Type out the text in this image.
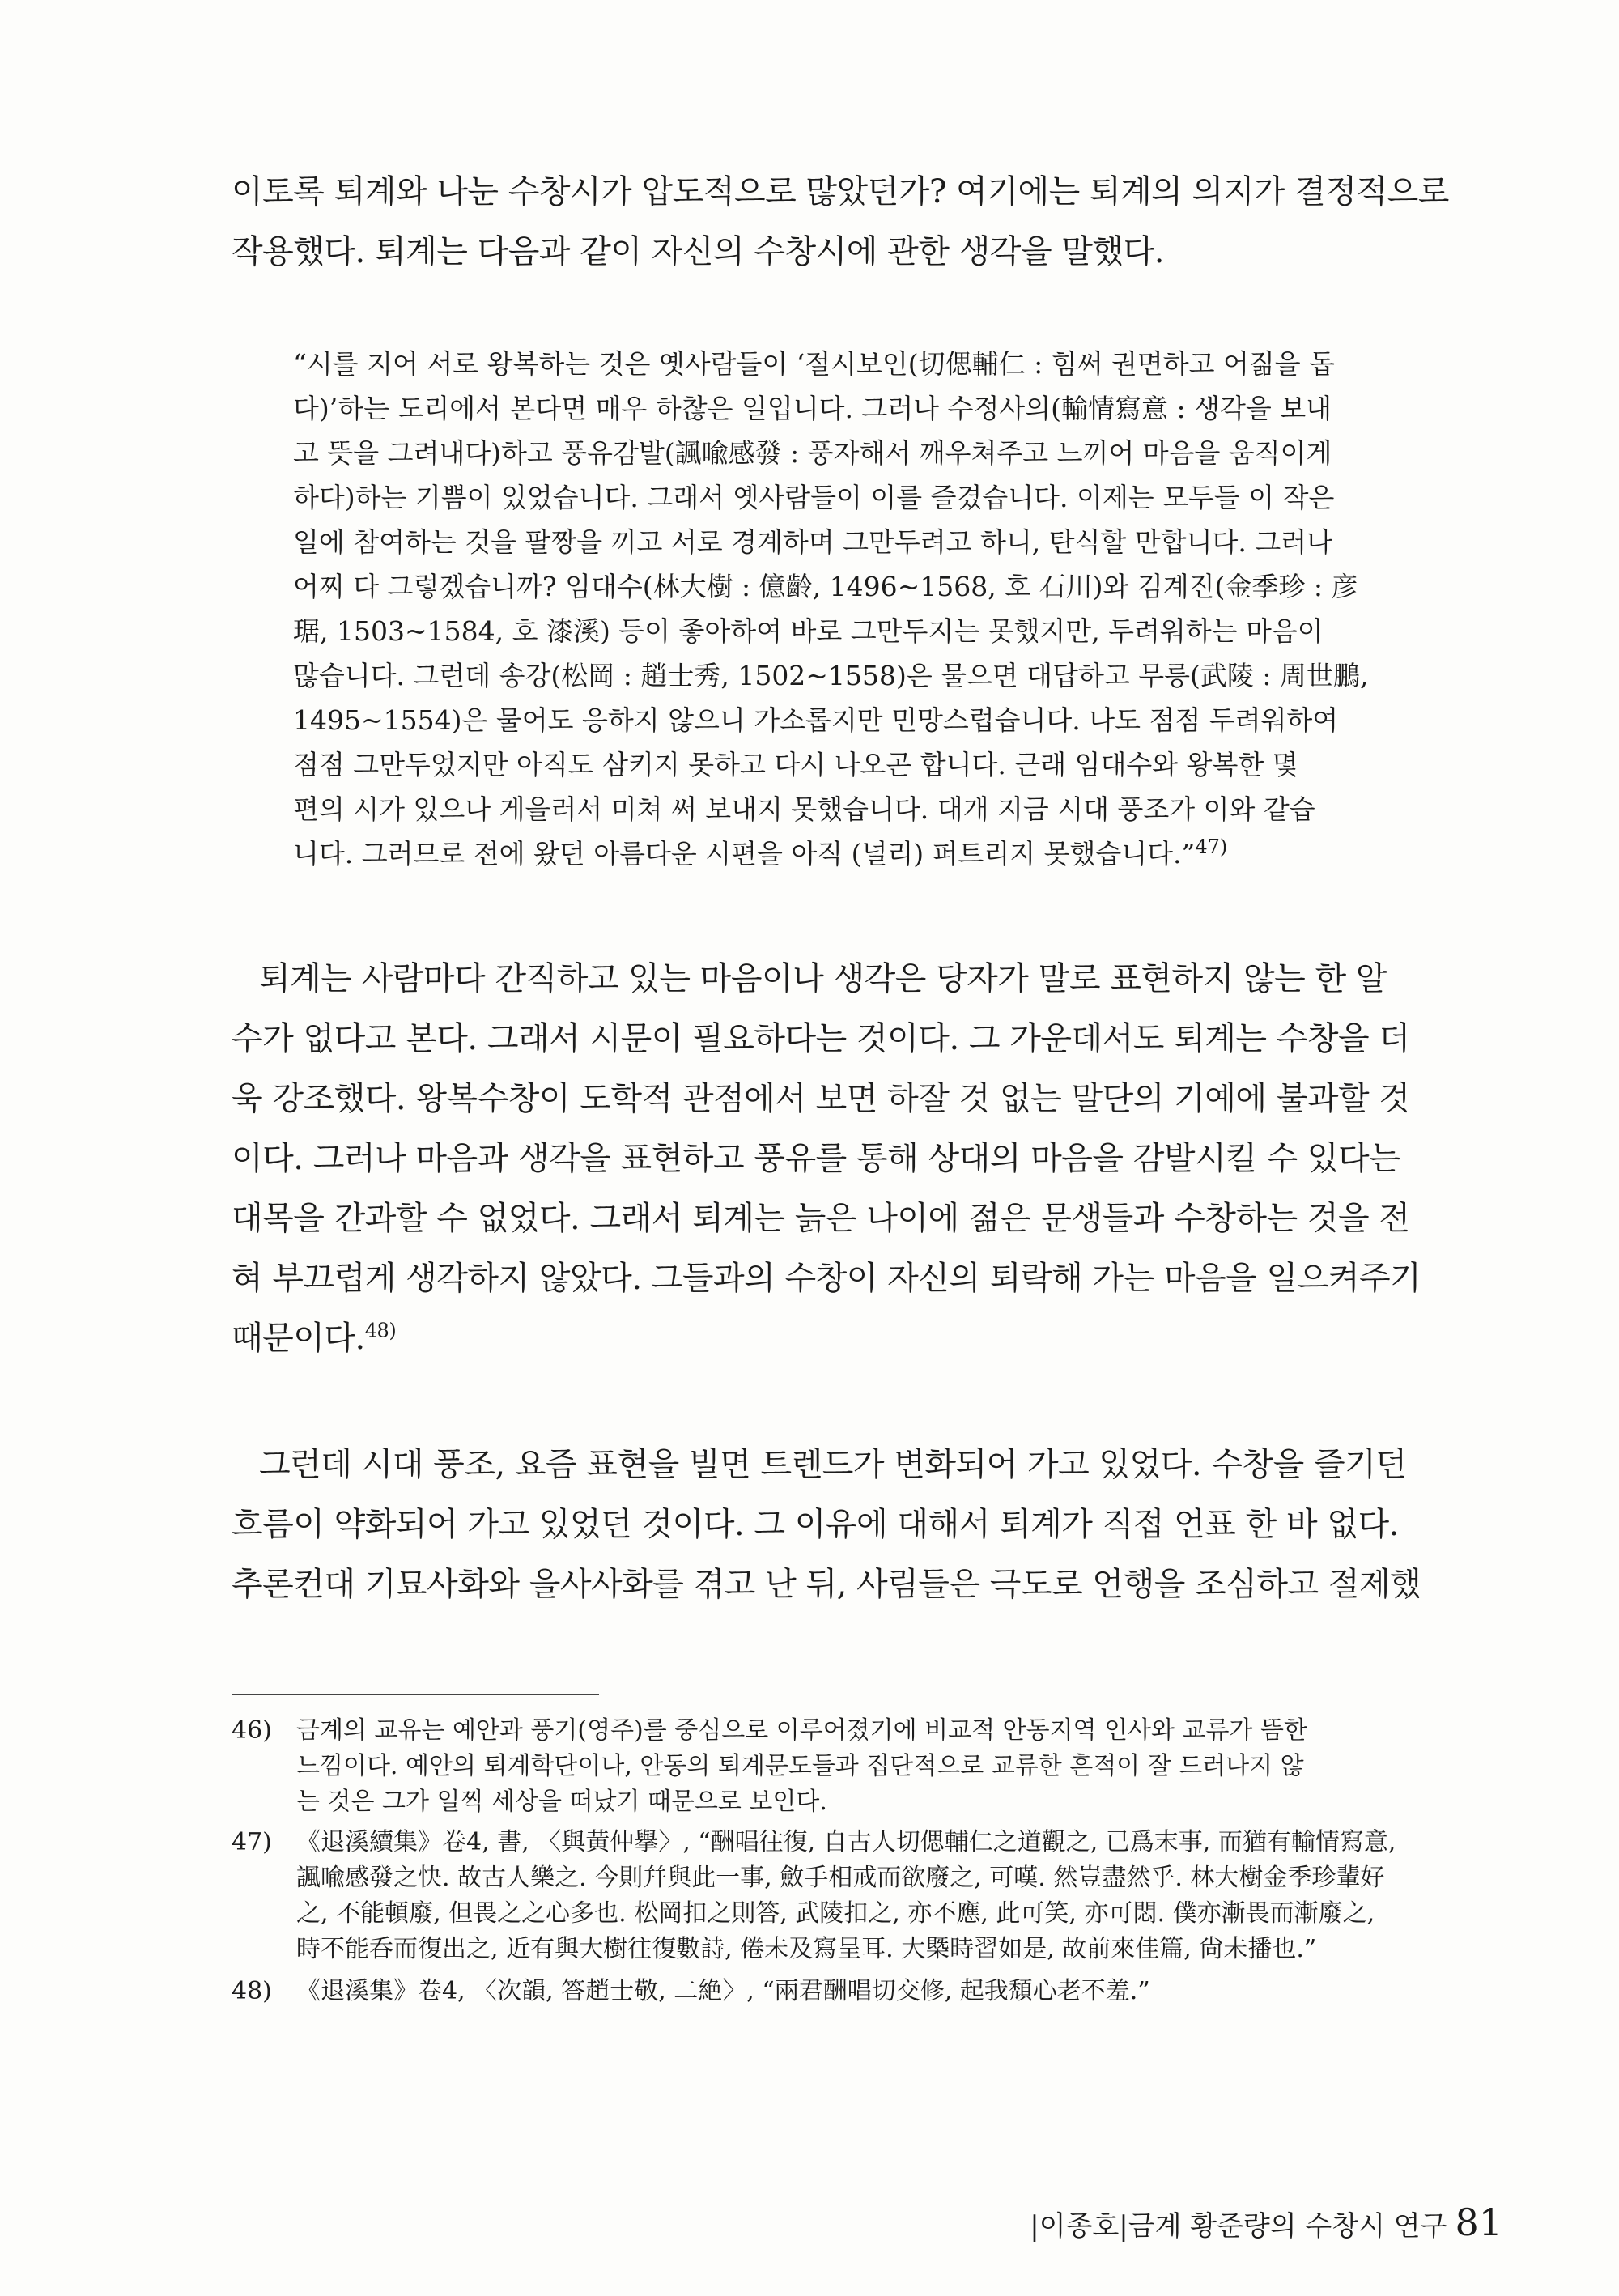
이토록 퇴계와 나눈 수창시가 압도적으로 많았던가? 여기에는 퇴계의 의지가 결정적으로
작용했다. 퇴계는 다음과 같이 자신의 수창시에 관한 생각을 말했다.
“시를 지어 서로 왕복하는 것은 옛사람들이 ‘절시보인(切偲輔仁 : 힘써 권면하고 어짊을 돕
다)’하는 도리에서 본다면 매우 하찮은 일입니다. 그러나 수정사의(輸情寫意 : 생각을 보내
고 뜻을 그려내다)하고 풍유감발(諷喩感發 : 풍자해서 깨우쳐주고 느끼어 마음을 움직이게
하다)하는 기쁨이 있었습니다. 그래서 옛사람들이 이를 즐겼습니다. 이제는 모두들 이 작은
일에 참여하는 것을 팔짱을 끼고 서로 경계하며 그만두려고 하니, 탄식할 만합니다. 그러나
어찌 다 그렇겠습니까? 임대수(林大樹 : 億齡, 1496~1568, 호 石川)와 김계진(金季珍 : 彦
琚, 1503~1584, 호 漆溪) 등이 좋아하여 바로 그만두지는 못했지만, 두려워하는 마음이
많습니다. 그런데 송강(松岡 : 趙士秀, 1502~1558)은 물으면 대답하고 무릉(武陵 : 周世鵬,
1495~1554)은 물어도 응하지 않으니 가소롭지만 민망스럽습니다. 나도 점점 두려워하여
점점 그만두었지만 아직도 삼키지 못하고 다시 나오곤 합니다. 근래 임대수와 왕복한 몇
편의 시가 있으나 게을러서 미쳐 써 보내지 못했습니다. 대개 지금 시대 풍조가 이와 같습
니다. 그러므로 전에 왔던 아름다운 시편을 아직 (널리) 퍼트리지 못했습니다.”$^{47)}$
퇴계는 사람마다 간직하고 있는 마음이나 생각은 당자가 말로 표현하지 않는 한 알
수가 없다고 본다. 그래서 시문이 필요하다는 것이다. 그 가운데서도 퇴계는 수창을 더
욱 강조했다. 왕복수창이 도학적 관점에서 보면 하잘 것 없는 말단의 기예에 불과할 것
이다. 그러나 마음과 생각을 표현하고 풍유를 통해 상대의 마음을 감발시킬 수 있다는
대목을 간과할 수 없었다. 그래서 퇴계는 늙은 나이에 젊은 문생들과 수창하는 것을 전
혀 부끄럽게 생각하지 않았다. 그들과의 수창이 자신의 퇴락해 가는 마음을 일으켜주기
때문이다.$^{48)}$
그런데 시대 풍조, 요즘 표현을 빌면 트렌드가 변화되어 가고 있었다. 수창을 즐기던
흐름이 약화되어 가고 있었던 것이다. 그 이유에 대해서 퇴계가 직접 언표 한 바 없다.
추론컨대 기묘사화와 을사사화를 겪고 난 뒤, 사림들은 극도로 언행을 조심하고 절제했
46) 금계의 교유는 예안과 풍기(영주)를 중심으로 이루어졌기에 비교적 안동지역 인사와 교류가 뜸한
느낌이다. 예안의 퇴계학단이나, 안동의 퇴계문도들과 집단적으로 교류한 흔적이 잘 드러나지 않
는 것은 그가 일찍 세상을 떠났기 때문으로 보인다.
47) 《退溪續集》卷4, 書, 〈與黃仲擧〉, “酬唱往復, 自古人切偲輔仁之道觀之, 已爲末事, 而猶有輸情寫意,
諷喩感發之快. 故古人樂之. 今則幷與此一事, 斂手相戒而欲廢之, 可嘆. 然豈盡然乎. 林大樹金季珍輩好
之, 不能頓廢, 但畏之之心多也. 松岡扣之則答, 武陵扣之, 亦不應, 此可笑, 亦可悶. 僕亦漸畏而漸廢之,
時不能呑而復出之, 近有與大樹往復數詩, 倦未及寫呈耳. 大槩時習如是, 故前來佳篇, 尙未播也.”
48) 《退溪集》卷4, 〈次韻, 答趙士敬, 二絶〉, “兩君酬唱切交修, 起我頹心老不羞.”
|이종호|금계 황준량의 수창시 연구 81
